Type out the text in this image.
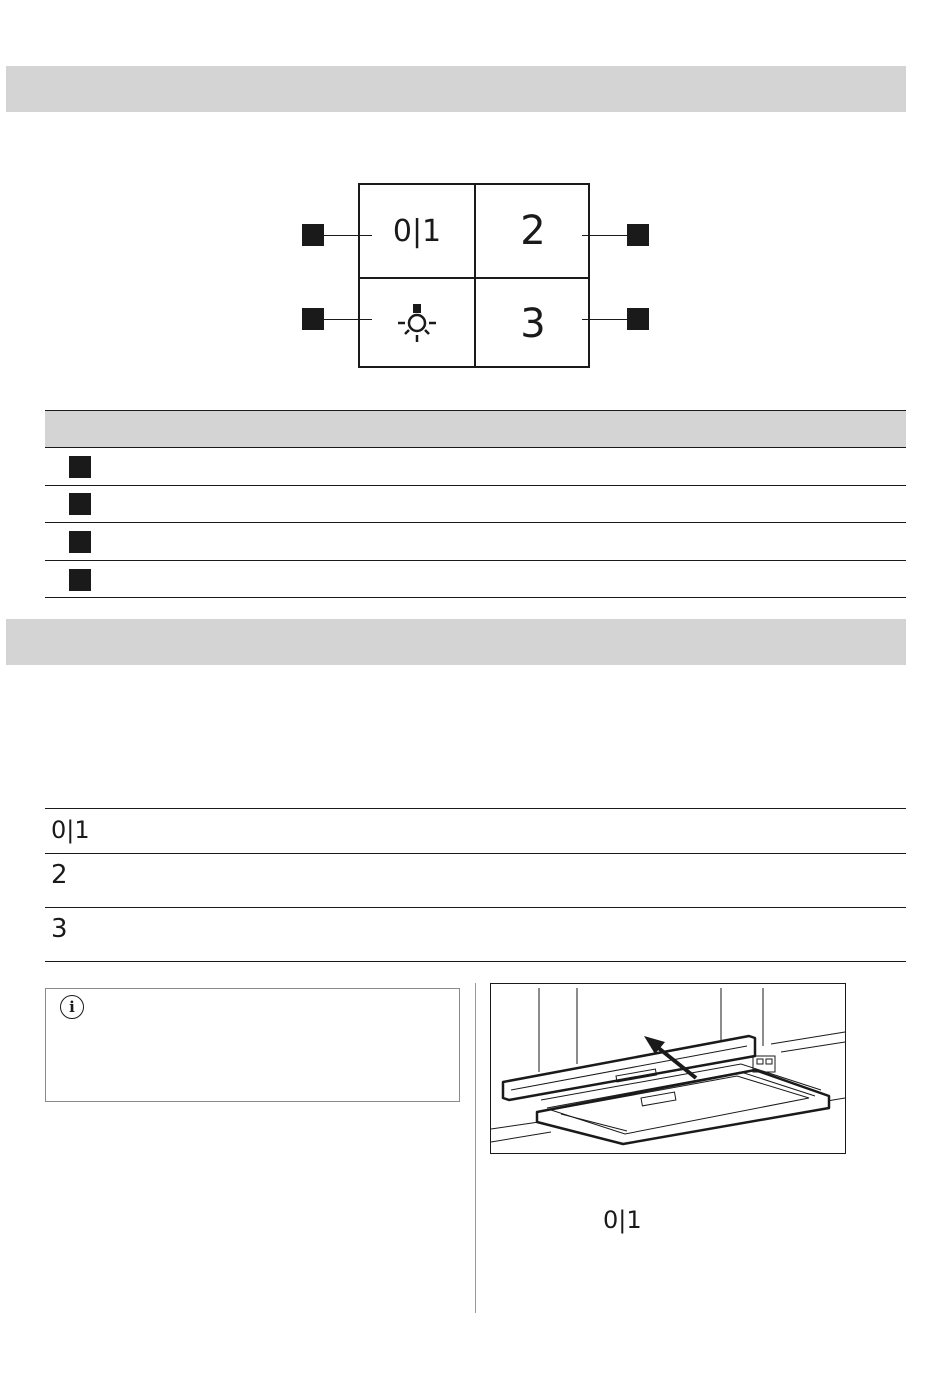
0|1	2
3
0|1
2
3
i
0|1
